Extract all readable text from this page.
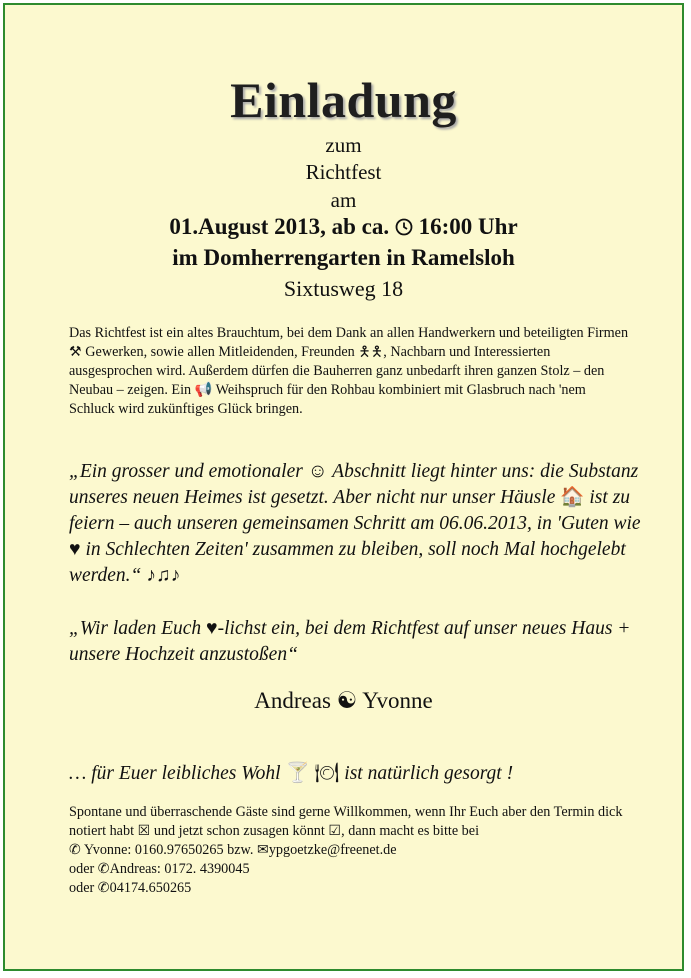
Einladung
zum
Richtfest
am
01.August 2013, ab ca. 16:00 Uhr
im Domherrengarten in Ramelsloh
Sixtusweg 18
Das Richtfest ist ein altes Brauchtum, bei dem Dank an allen Handwerkern und beteiligten Firmen ⚒ Gewerken, sowie allen Mitleidenden, Freunden 🯅🯅, Nachbarn und Interessierten ausgesprochen wird. Außerdem dürfen die Bauherren ganz unbedarft ihren ganzen Stolz – den Neubau – zeigen. Ein 📢 Weihspruch für den Rohbau kombiniert mit Glasbruch nach 'nem Schluck wird zukünftiges Glück bringen.
„Ein grosser und emotionaler ☺ Abschnitt liegt hinter uns: die Substanz unseres neuen Heimes ist gesetzt. Aber nicht nur unser Häusle 🏠 ist zu feiern – auch unseren gemeinsamen Schritt am 06.06.2013, in 'Guten wie ♥ in Schlechten Zeiten' zusammen zu bleiben, soll noch Mal hochgelebt werden.“ ♪♫♪
„Wir laden Euch ♥-lichst ein, bei dem Richtfest auf unser neues Haus + unsere Hochzeit anzustoßen“
Andreas ☯ Yvonne
… für Euer leibliches Wohl 🍸 🍽 ist natürlich gesorgt !
Spontane und überraschende Gäste sind gerne Willkommen, wenn Ihr Euch aber den Termin dick notiert habt ☒ und jetzt schon zusagen könnt ☑, dann macht es bitte bei
✆ Yvonne: 0160.97650265 bzw. ✉ypgoetzke@freenet.de
oder ✆Andreas: 0172. 4390045
oder ✆04174.650265
